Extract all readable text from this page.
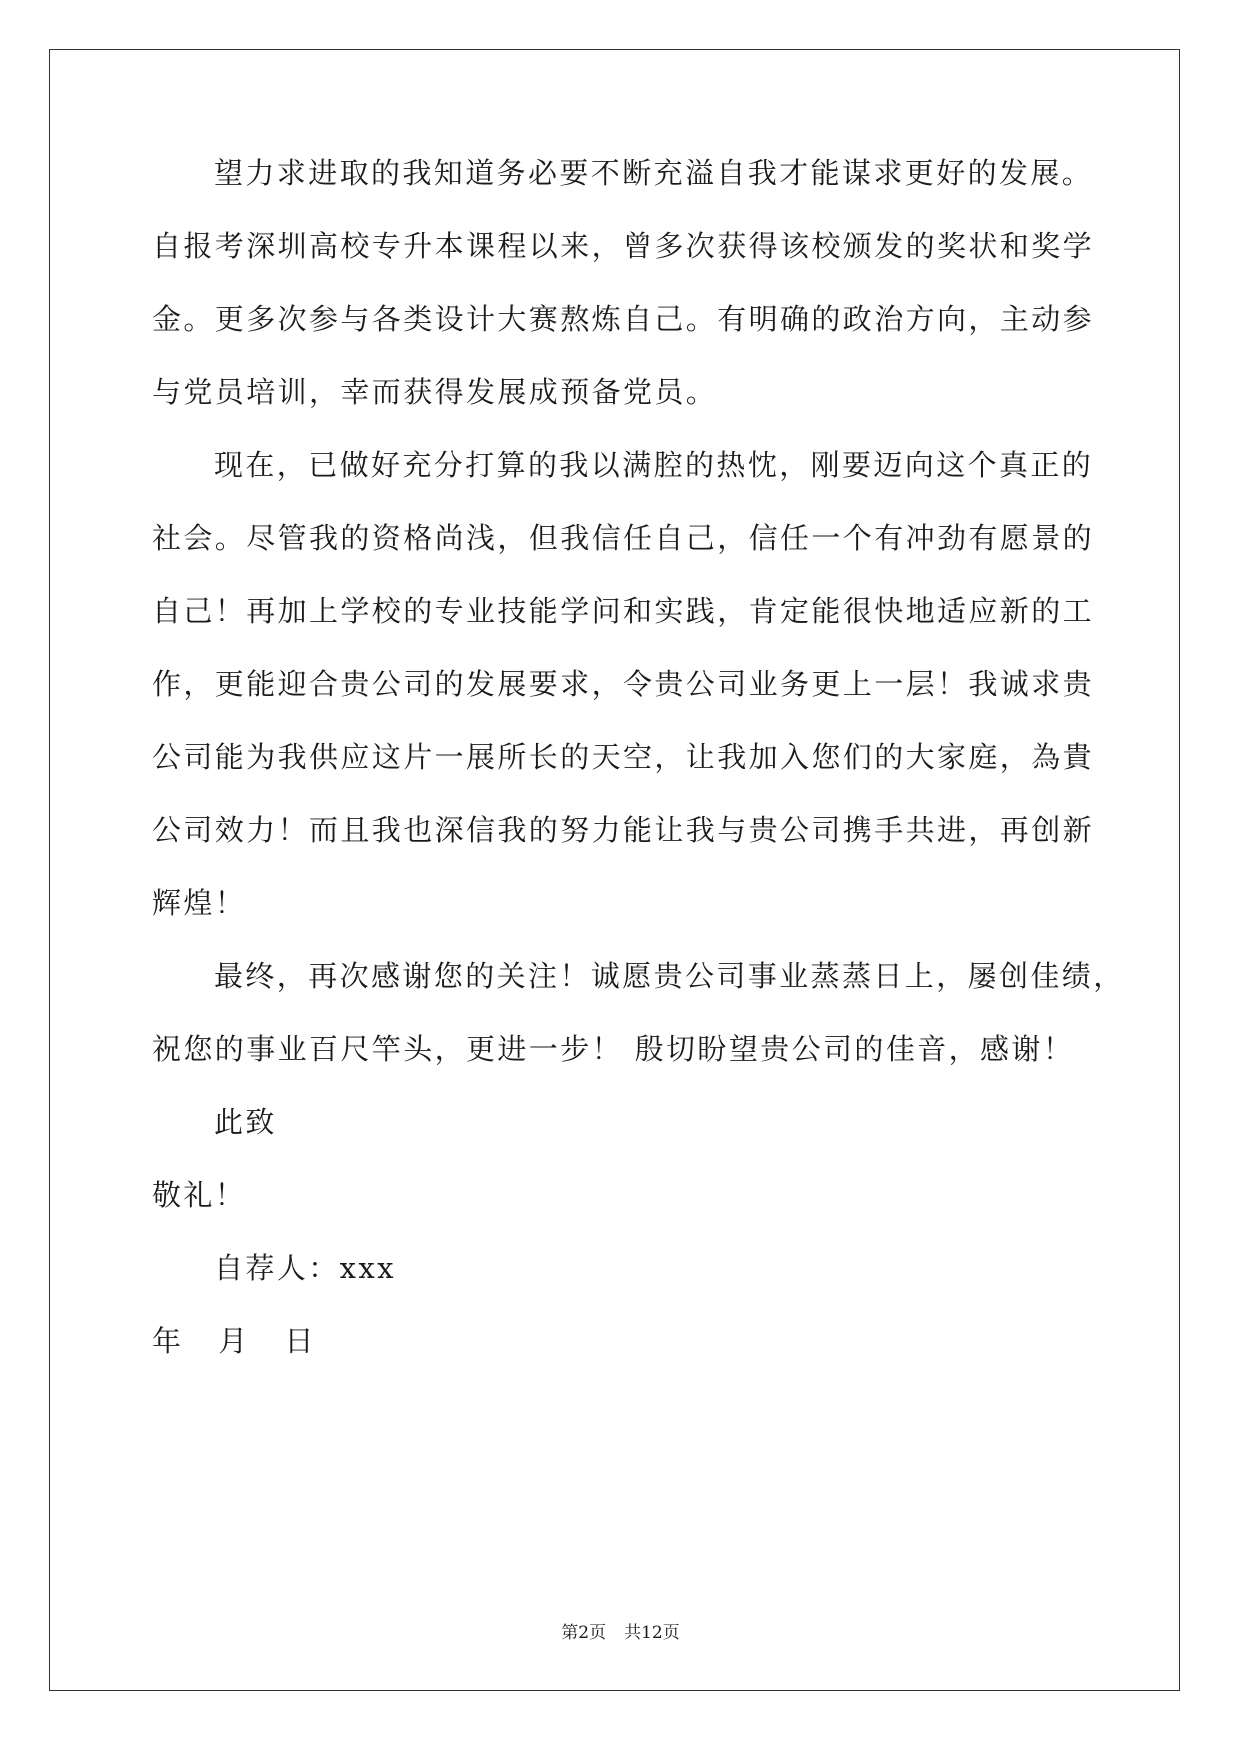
望力求进取的我知道务必要不断充溢自我才能谋求更好的发展。
自报考深圳高校专升本课程以来，曾多次获得该校颁发的奖状和奖学
金。更多次参与各类设计大赛熬炼自己。有明确的政治方向，主动参
与党员培训，幸而获得发展成预备党员。
现在，已做好充分打算的我以满腔的热忱，刚要迈向这个真正的
社会。尽管我的资格尚浅，但我信任自己，信任一个有冲劲有愿景的
自己！再加上学校的专业技能学问和实践，肯定能很快地适应新的工
作，更能迎合贵公司的发展要求，令贵公司业务更上一层！我诚求贵
公司能为我供应这片一展所长的天空，让我加入您们的大家庭，為貴
公司效力！而且我也深信我的努力能让我与贵公司携手共进，再创新
辉煌！
最终，再次感谢您的关注！诚愿贵公司事业蒸蒸日上，屡创佳绩，
祝您的事业百尺竿头，更进一步！ 殷切盼望贵公司的佳音，感谢！
此致
敬礼！
自荐人：xxx
年   月   日
第2页 共12页
